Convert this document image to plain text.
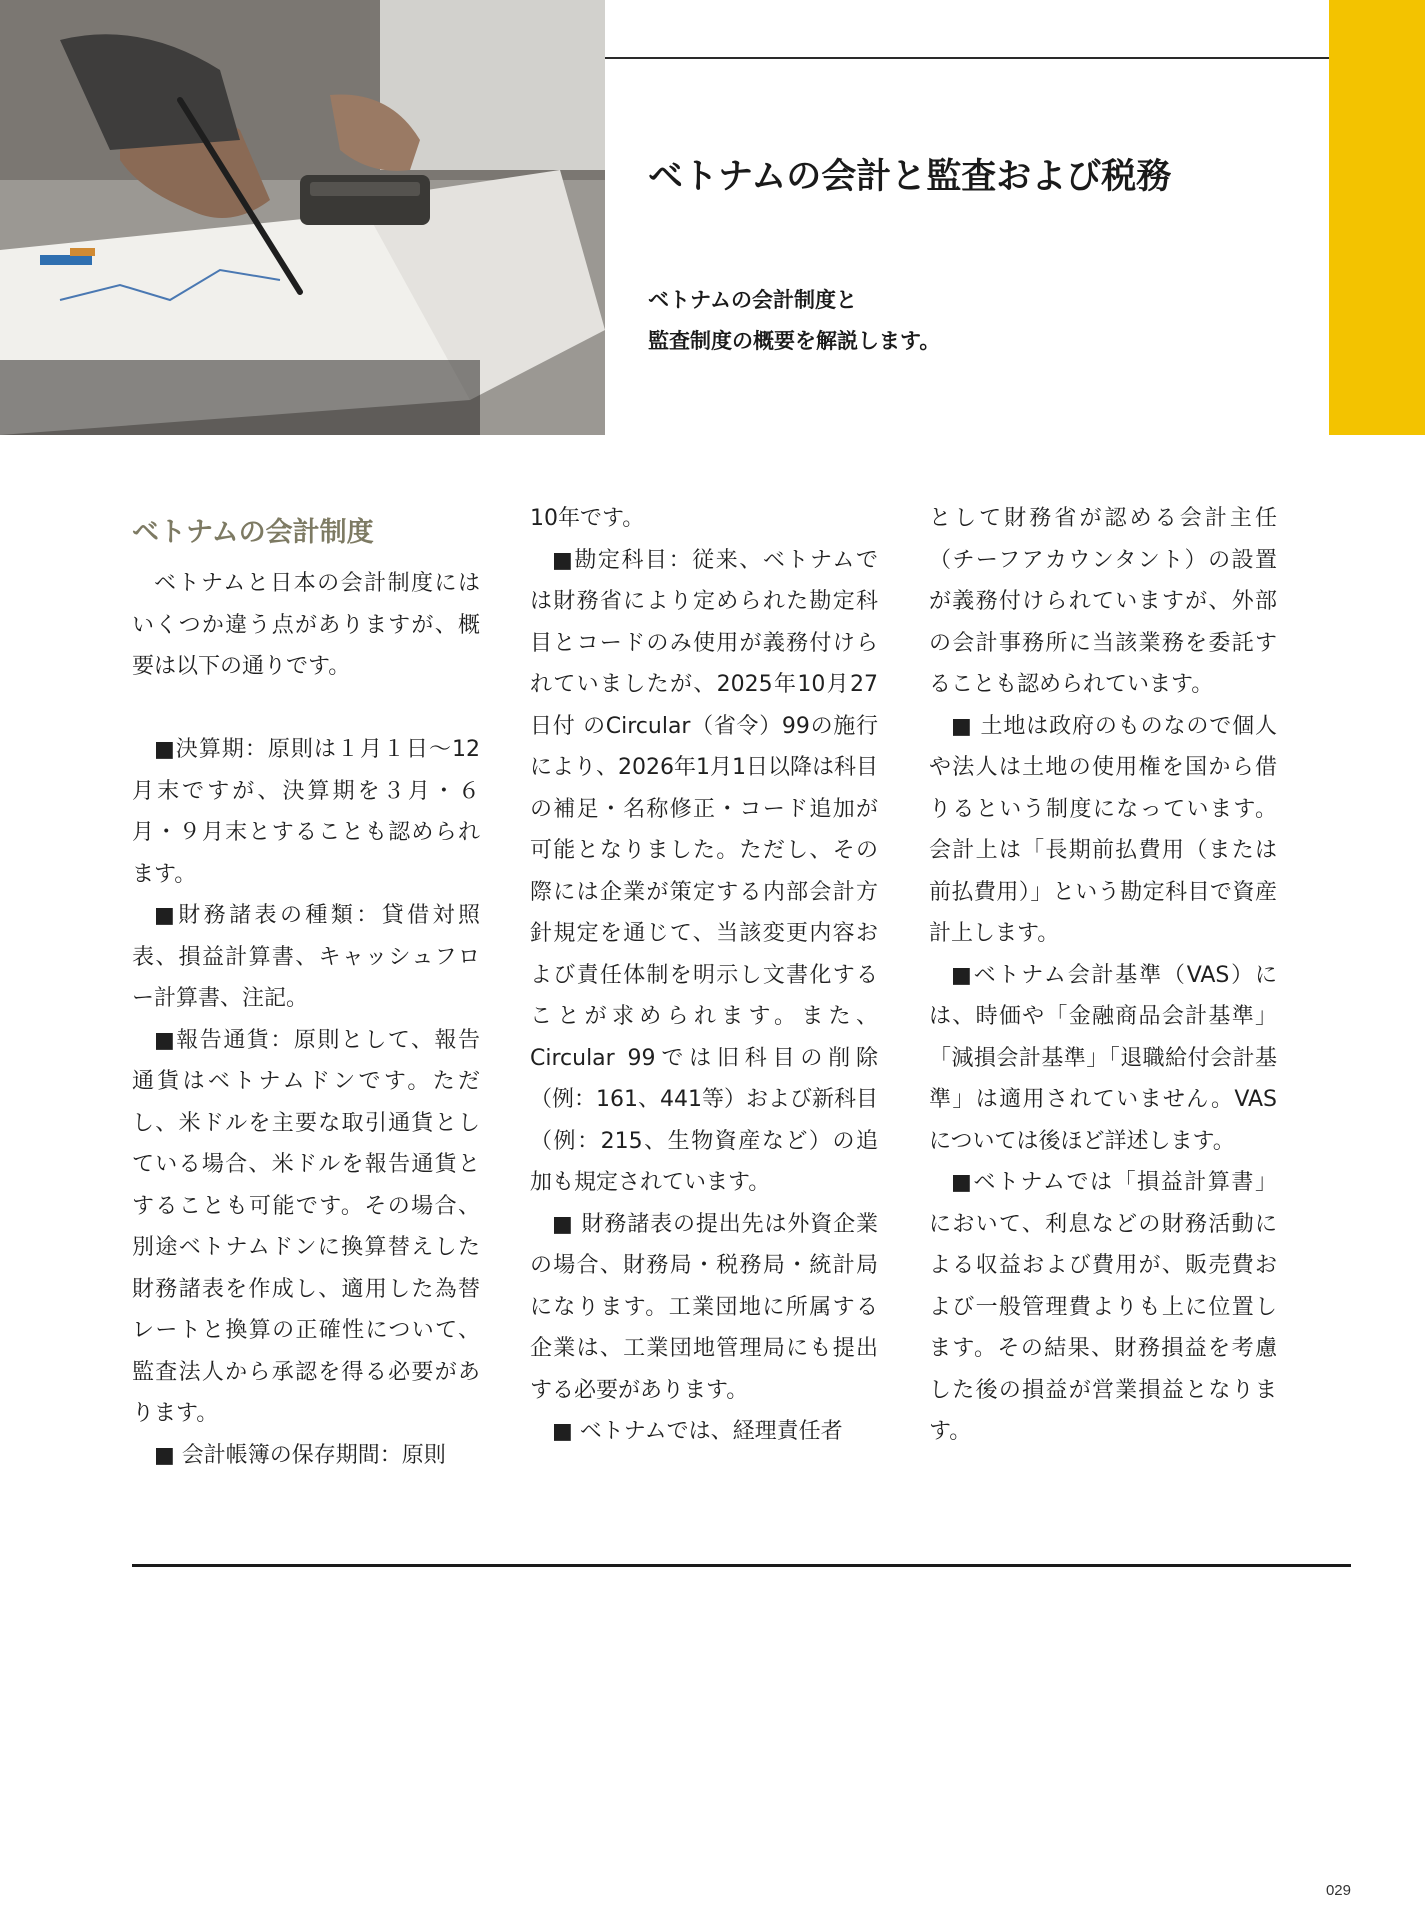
ベトナムの会計と監査および税務
ベトナムの会計制度と
監査制度の概要を解説します。
ベトナムの会計制度

ベトナムと日本の会計制度にはいくつか違う点がありますが、概要は以下の通りです。

■決算期：原則は１月１日～12月末ですが、決算期を３月・６月・９月末とすることも認められます。

■財務諸表の種類：貸借対照表、損益計算書、キャッシュフロー計算書、注記。

■報告通貨：原則として、報告通貨はベトナムドンです。ただし、米ドルを主要な取引通貨としている場合、米ドルを報告通貨とすることも可能です。その場合、別途ベトナムドンに換算替えした財務諸表を作成し、適用した為替レートと換算の正確性について、監査法人から承認を得る必要があります。

■ 会計帳簿の保存期間：原則

10年です。

■勘定科目：従来、ベトナムでは財務省により定められた勘定科目とコードのみ使用が義務付けられていましたが、2025年10月27日付 のCircular（省令）99の施行により、2026年1月1日以降は科目の補足・名称修正・コード追加が可能となりました。ただし、その際には企業が策定する内部会計方針規定を通じて、当該変更内容および責任体制を明示し文書化することが求められます。また、Circular 99では旧科目の削除（例：161、441等）および新科目（例：215、生物資産など）の追加も規定されています。

■ 財務諸表の提出先は外資企業の場合、財務局・税務局・統計局になります。工業団地に所属する企業は、工業団地管理局にも提出する必要があります。

■ ベトナムでは、経理責任者

として財務省が認める会計主任（チーフアカウンタント）の設置が義務付けられていますが、外部の会計事務所に当該業務を委託することも認められています。

■ 土地は政府のものなので個人や法人は土地の使用権を国から借りるという制度になっています。会計上は「長期前払費用（または前払費用）」という勘定科目で資産計上します。

■ベトナム会計基準（VAS）には、時価や「金融商品会計基準」「減損会計基準」「退職給付会計基準」は適用されていません。VASについては後ほど詳述します。

■ベトナムでは「損益計算書」において、利息などの財務活動による収益および費用が、販売費および一般管理費よりも上に位置します。その結果、財務損益を考慮した後の損益が営業損益となります。

029
